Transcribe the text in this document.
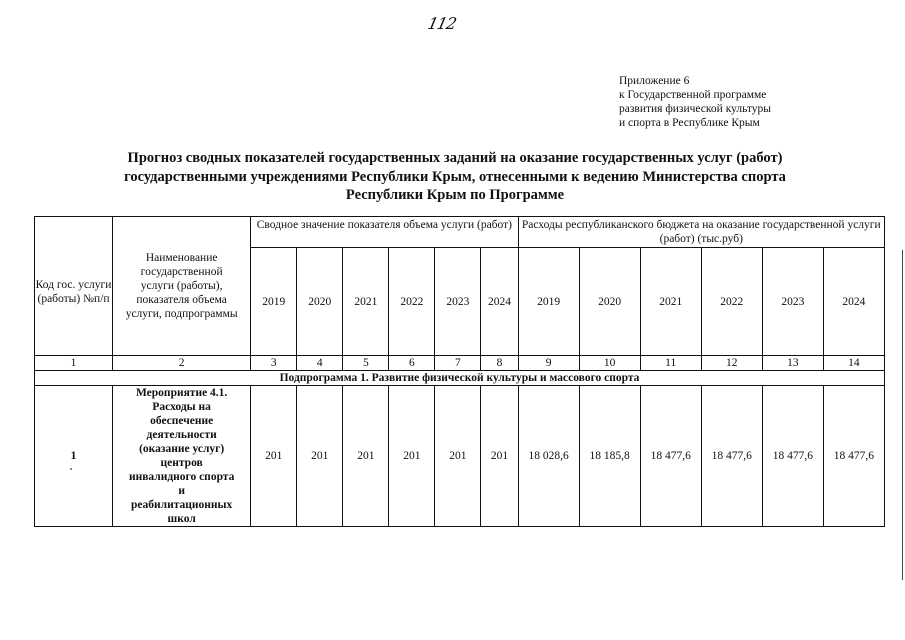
112
Приложение 6
к Государственной программе
развития физической культуры
и спорта в Республике Крым
Прогноз сводных показателей государственных заданий на оказание государственных услуг (работ)
государственными учреждениями Республики Крым, отнесенными к ведению Министерства спорта
Республики Крым по Программе
Код гос. услуги (работы) №п/п	Наименование государственной услуги (работы), показателя объема услуги, подпрограммы	Сводное значение показателя объема услуги (работ)						Расходы республиканского бюджета на оказание государственной услуги (работ) (тыс.руб)					
		2019	2020	2021	2022	2023	2024	2019	2020	2021	2022	2023	2024
1	2	3	4	5	6	7	8	9	10	11	12	13	14
Подпрограмма 1. Развитие физической культуры и массового спорта													
1	Мероприятие 4.1. Расходы на обеспечение деятельности (оказание услуг) центров инвалидного спорта и реабилитационных школ	201	201	201	201	201	201	18 028,6	18 185,8	18 477,6	18 477,6	18 477,6	18 477,6
